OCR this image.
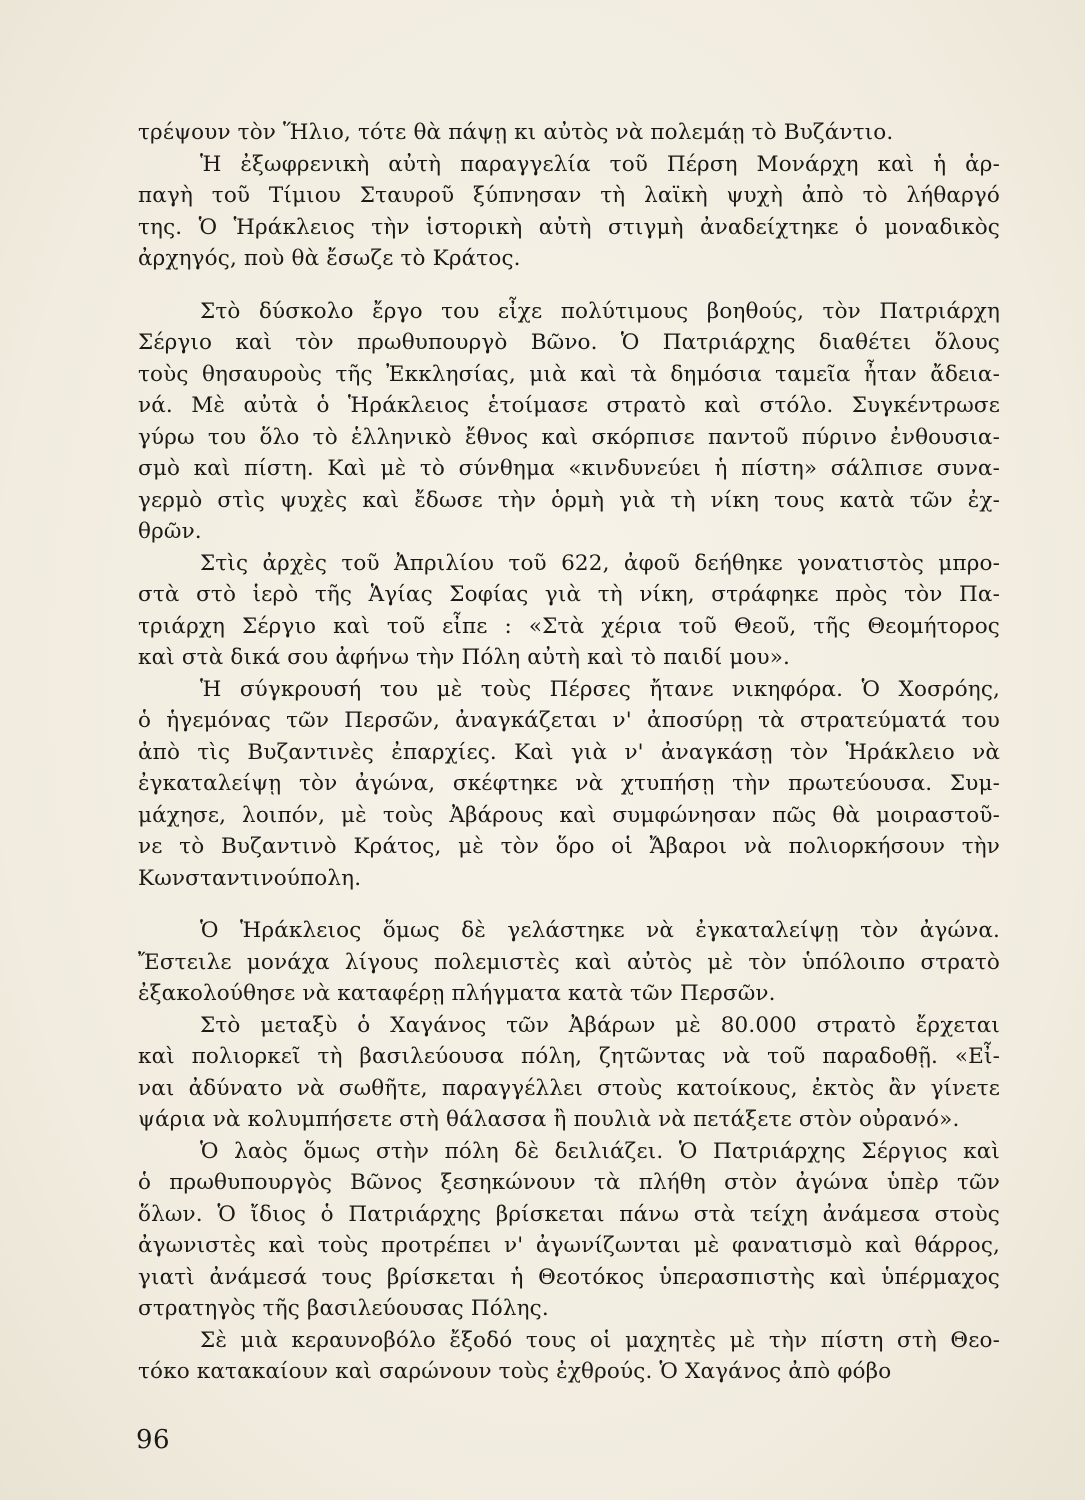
τρέψουν τὸν Ἥλιο, τότε θὰ πάψῃ κι αὐτὸς νὰ πολεμάῃ τὸ Βυζάντιο.
Ἡ ἐξωφρενικὴ αὐτὴ παραγγελία τοῦ Πέρση Μονάρχη καὶ ἡ ἁρ-
παγὴ τοῦ Τίμιου Σταυροῦ ξύπνησαν τὴ λαϊκὴ ψυχὴ ἀπὸ τὸ λήθαργό
της. Ὁ Ἡράκλειος τὴν ἱστορικὴ αὐτὴ στιγμὴ ἀναδείχτηκε ὁ μοναδικὸς
ἀρχηγός, ποὺ θὰ ἔσωζε τὸ Κράτος.
Στὸ δύσκολο ἔργο του εἶχε πολύτιμους βοηθούς, τὸν Πατριάρχη
Σέργιο καὶ τὸν πρωθυπουργὸ Βῶνο. Ὁ Πατριάρχης διαθέτει ὅλους
τοὺς θησαυροὺς τῆς Ἐκκλησίας, μιὰ καὶ τὰ δημόσια ταμεῖα ἦταν ἄδεια-
νά. Μὲ αὐτὰ ὁ Ἡράκλειος ἑτοίμασε στρατὸ καὶ στόλο. Συγκέντρωσε
γύρω του ὅλο τὸ ἑλληνικὸ ἔθνος καὶ σκόρπισε παντοῦ πύρινο ἐνθουσια-
σμὸ καὶ πίστη. Καὶ μὲ τὸ σύνθημα «κινδυνεύει ἡ πίστη» σάλπισε συνα-
γερμὸ στὶς ψυχὲς καὶ ἔδωσε τὴν ὁρμὴ γιὰ τὴ νίκη τους κατὰ τῶν ἐχ-
θρῶν.
Στὶς ἀρχὲς τοῦ Ἀπριλίου τοῦ 622, ἀφοῦ δεήθηκε γονατιστὸς μπρο-
στὰ στὸ ἱερὸ τῆς Ἁγίας Σοφίας γιὰ τὴ νίκη, στράφηκε πρὸς τὸν Πα-
τριάρχη Σέργιο καὶ τοῦ εἶπε : «Στὰ χέρια τοῦ Θεοῦ, τῆς Θεομήτορος
καὶ στὰ δικά σου ἀφήνω τὴν Πόλη αὐτὴ καὶ τὸ παιδί μου».
Ἡ σύγκρουσή του μὲ τοὺς Πέρσες ἤτανε νικηφόρα. Ὁ Χοσρόης,
ὁ ἡγεμόνας τῶν Περσῶν, ἀναγκάζεται ν' ἀποσύρῃ τὰ στρατεύματά του
ἀπὸ τὶς Βυζαντινὲς ἐπαρχίες. Καὶ γιὰ ν' ἀναγκάσῃ τὸν Ἡράκλειο νὰ
ἐγκαταλείψῃ τὸν ἀγώνα, σκέφτηκε νὰ χτυπήσῃ τὴν πρωτεύουσα. Συμ-
μάχησε, λοιπόν, μὲ τοὺς Ἀβάρους καὶ συμφώνησαν πῶς θὰ μοιραστοῦ-
νε τὸ Βυζαντινὸ Κράτος, μὲ τὸν ὅρο οἱ Ἄβαροι νὰ πολιορκήσουν τὴν
Κωνσταντινούπολη.
Ὁ Ἡράκλειος ὅμως δὲ γελάστηκε νὰ ἐγκαταλείψῃ τὸν ἀγώνα.
Ἔστειλε μονάχα λίγους πολεμιστὲς καὶ αὐτὸς μὲ τὸν ὑπόλοιπο στρατὸ
ἐξακολούθησε νὰ καταφέρῃ πλήγματα κατὰ τῶν Περσῶν.
Στὸ μεταξὺ ὁ Χαγάνος τῶν Ἀβάρων μὲ 80.000 στρατὸ ἔρχεται
καὶ πολιορκεῖ τὴ βασιλεύουσα πόλη, ζητῶντας νὰ τοῦ παραδοθῇ. «Εἶ-
ναι ἀδύνατο νὰ σωθῆτε, παραγγέλλει στοὺς κατοίκους, ἐκτὸς ἂν γίνετε
ψάρια νὰ κολυμπήσετε στὴ θάλασσα ἢ πουλιὰ νὰ πετάξετε στὸν οὐρανό».
Ὁ λαὸς ὅμως στὴν πόλη δὲ δειλιάζει. Ὁ Πατριάρχης Σέργιος καὶ
ὁ πρωθυπουργὸς Βῶνος ξεσηκώνουν τὰ πλήθη στὸν ἀγώνα ὑπὲρ τῶν
ὅλων. Ὁ ἴδιος ὁ Πατριάρχης βρίσκεται πάνω στὰ τείχη ἀνάμεσα στοὺς
ἀγωνιστὲς καὶ τοὺς προτρέπει ν' ἀγωνίζωνται μὲ φανατισμὸ καὶ θάρρος,
γιατὶ ἀνάμεσά τους βρίσκεται ἡ Θεοτόκος ὑπερασπιστὴς καὶ ὑπέρμαχος
στρατηγὸς τῆς βασιλεύουσας Πόλης.
Σὲ μιὰ κεραυνοβόλο ἔξοδό τους οἱ μαχητὲς μὲ τὴν πίστη στὴ Θεο-
τόκο κατακαίουν καὶ σαρώνουν τοὺς ἐχθρούς. Ὁ Χαγάνος ἀπὸ φόβο
96
